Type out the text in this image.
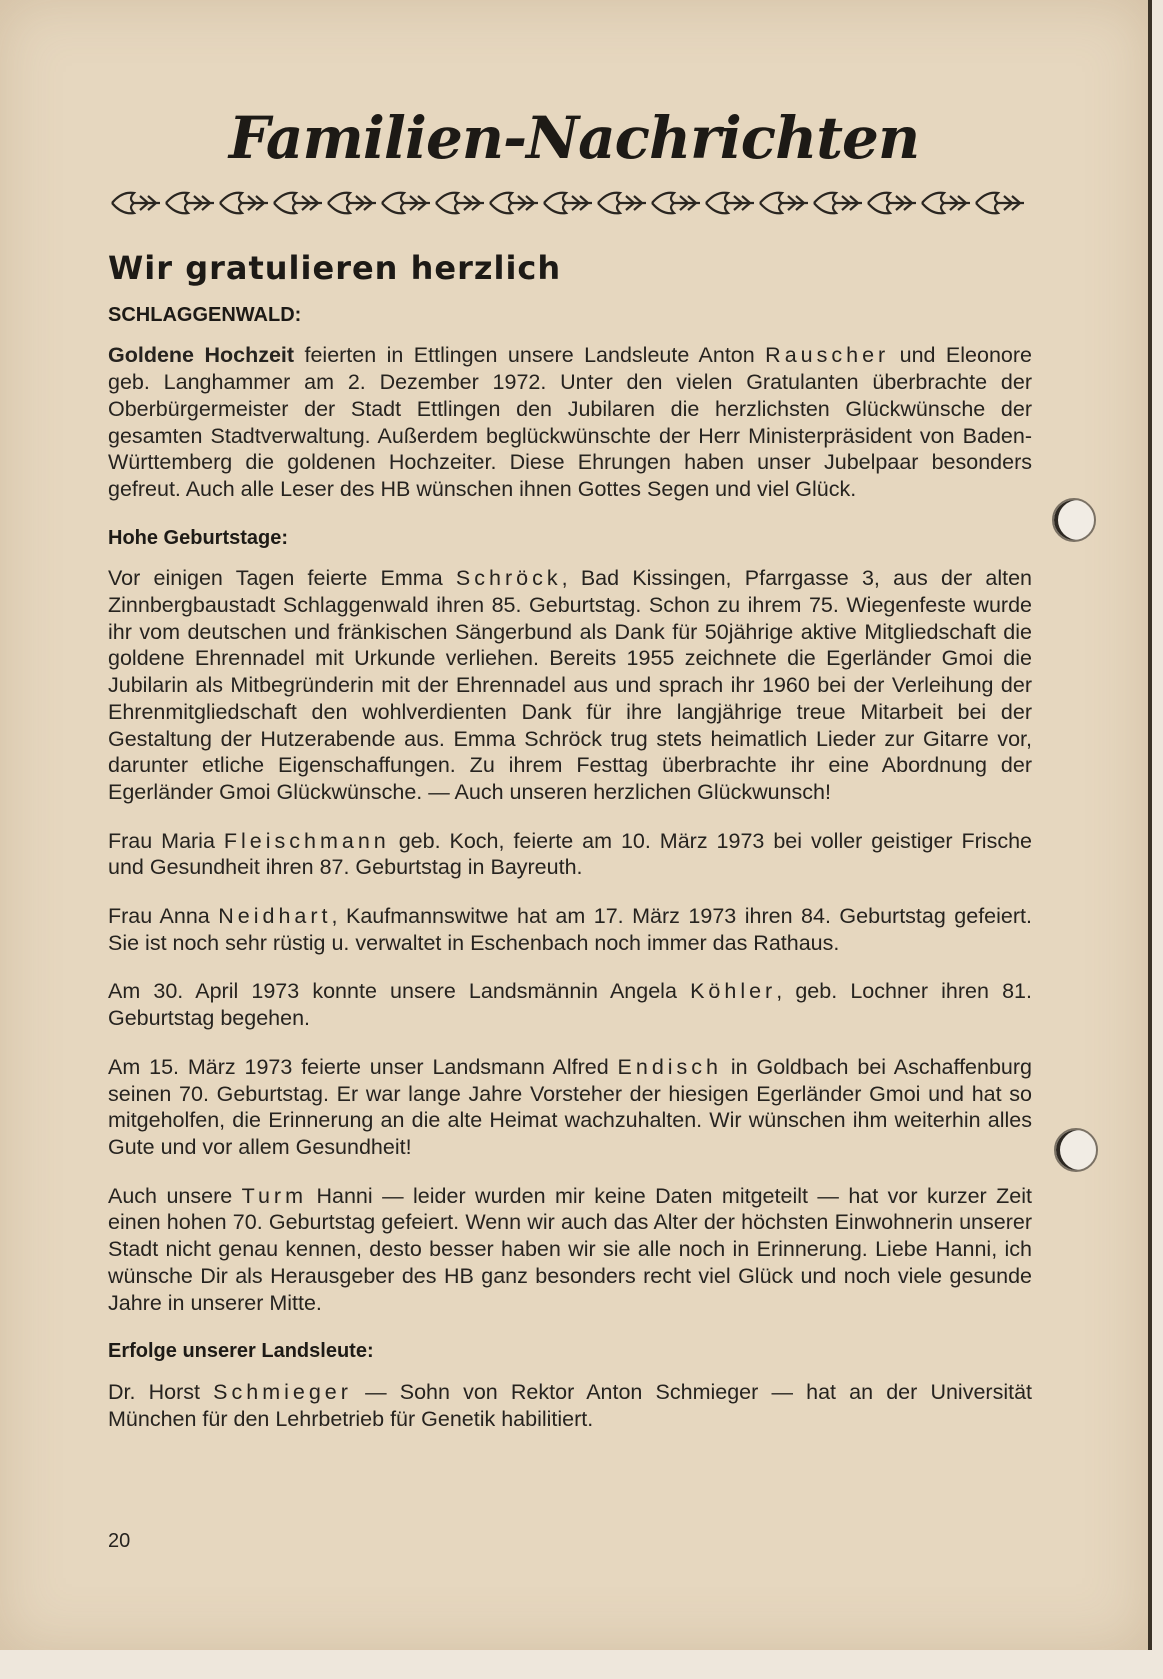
Familien-Nachrichten
Wir gratulieren herzlich
SCHLAGGENWALD:

Goldene Hochzeit feierten in Ettlingen unsere Landsleute Anton Rauscher und Eleonore geb. Langhammer am 2. Dezember 1972. Unter den vielen Gratulanten überbrachte der Oberbürgermeister der Stadt Ettlingen den Jubilaren die herzlichsten Glückwünsche der gesamten Stadtverwaltung. Außerdem beglückwünschte der Herr Ministerpräsident von Baden-Württemberg die goldenen Hochzeiter. Diese Ehrungen haben unser Jubelpaar besonders gefreut. Auch alle Leser des HB wünschen ihnen Gottes Segen und viel Glück.

Hohe Geburtstage:

Vor einigen Tagen feierte Emma Schröck, Bad Kissingen, Pfarrgasse 3, aus der alten Zinnbergbaustadt Schlaggenwald ihren 85. Geburtstag. Schon zu ihrem 75. Wiegenfeste wurde ihr vom deutschen und fränkischen Sängerbund als Dank für 50jährige aktive Mitgliedschaft die goldene Ehrennadel mit Urkunde verliehen. Bereits 1955 zeichnete die Egerländer Gmoi die Jubilarin als Mitbegründerin mit der Ehrennadel aus und sprach ihr 1960 bei der Verleihung der Ehrenmitgliedschaft den wohlverdienten Dank für ihre langjährige treue Mitarbeit bei der Gestaltung der Hutzerabende aus. Emma Schröck trug stets heimatlich Lieder zur Gitarre vor, darunter etliche Eigenschaffungen. Zu ihrem Festtag überbrachte ihr eine Abordnung der Egerländer Gmoi Glückwünsche. — Auch unseren herzlichen Glückwunsch!

Frau Maria Fleischmann geb. Koch, feierte am 10. März 1973 bei voller geistiger Frische und Gesundheit ihren 87. Geburtstag in Bayreuth.

Frau Anna Neidhart, Kaufmannswitwe hat am 17. März 1973 ihren 84. Geburtstag gefeiert. Sie ist noch sehr rüstig u. verwaltet in Eschenbach noch immer das Rathaus.

Am 30. April 1973 konnte unsere Landsmännin Angela Köhler, geb. Lochner ihren 81. Geburtstag begehen.

Am 15. März 1973 feierte unser Landsmann Alfred Endisch in Goldbach bei Aschaffenburg seinen 70. Geburtstag. Er war lange Jahre Vorsteher der hiesigen Egerländer Gmoi und hat so mitgeholfen, die Erinnerung an die alte Heimat wachzuhalten. Wir wünschen ihm weiterhin alles Gute und vor allem Gesundheit!

Auch unsere Turm Hanni — leider wurden mir keine Daten mitgeteilt — hat vor kurzer Zeit einen hohen 70. Geburtstag gefeiert. Wenn wir auch das Alter der höchsten Einwohnerin unserer Stadt nicht genau kennen, desto besser haben wir sie alle noch in Erinnerung. Liebe Hanni, ich wünsche Dir als Herausgeber des HB ganz besonders recht viel Glück und noch viele gesunde Jahre in unserer Mitte.

Erfolge unserer Landsleute:

Dr. Horst Schmieger — Sohn von Rektor Anton Schmieger — hat an der Universität München für den Lehrbetrieb für Genetik habilitiert.

20
